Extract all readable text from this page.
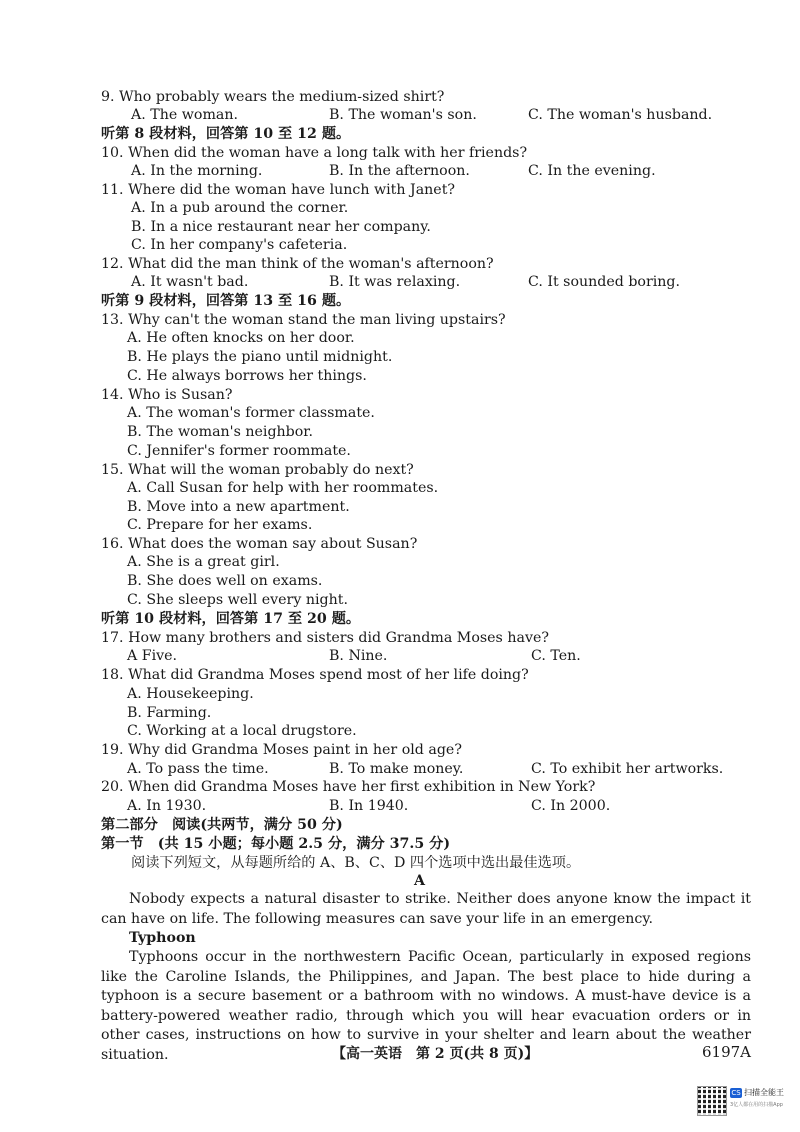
9. Who probably wears the medium-sized shirt?
A. The woman.	B. The woman's son.	C. The woman's husband.
听第 8 段材料，回答第 10 至 12 题。
10. When did the woman have a long talk with her friends?
A. In the morning.	B. In the afternoon.	C. In the evening.
11. Where did the woman have lunch with Janet?
A. In a pub around the corner.
B. In a nice restaurant near her company.
C. In her company's cafeteria.
12. What did the man think of the woman's afternoon?
A. It wasn't bad.	B. It was relaxing.	C. It sounded boring.
听第 9 段材料，回答第 13 至 16 题。
13. Why can't the woman stand the man living upstairs?
A. He often knocks on her door.
B. He plays the piano until midnight.
C. He always borrows her things.
14. Who is Susan?
A. The woman's former classmate.
B. The woman's neighbor.
C. Jennifer's former roommate.
15. What will the woman probably do next?
A. Call Susan for help with her roommates.
B. Move into a new apartment.
C. Prepare for her exams.
16. What does the woman say about Susan?
A. She is a great girl.
B. She does well on exams.
C. She sleeps well every night.
听第 10 段材料，回答第 17 至 20 题。
17. How many brothers and sisters did Grandma Moses have?
A Five.	B. Nine.	C. Ten.
18. What did Grandma Moses spend most of her life doing?
A. Housekeeping.
B. Farming.
C. Working at a local drugstore.
19. Why did Grandma Moses paint in her old age?
A. To pass the time.	B. To make money.	C. To exhibit her artworks.
20. When did Grandma Moses have her first exhibition in New York?
A. In 1930.	B. In 1940.	C. In 2000.
第二部分　阅读(共两节，满分 50 分)
第一节　(共 15 小题；每小题 2.5 分，满分 37.5 分)
阅读下列短文，从每题所给的 A、B、C、D 四个选项中选出最佳选项。
A
Nobody expects a natural disaster to strike. Neither does anyone know the impact it can have on life. The following measures can save your life in an emergency.
Typhoon
Typhoons occur in the northwestern Pacific Ocean, particularly in exposed regions like the Caroline Islands, the Philippines, and Japan. The best place to hide during a typhoon is a secure basement or a bathroom with no windows. A must-have device is a battery-powered weather radio, through which you will hear evacuation orders or in other cases, instructions on how to survive in your shelter and learn about the weather situation.	【高一英语　第 2 页(共 8 页)】	6197A
CS 扫描全能王
3亿人都在用的扫描App
